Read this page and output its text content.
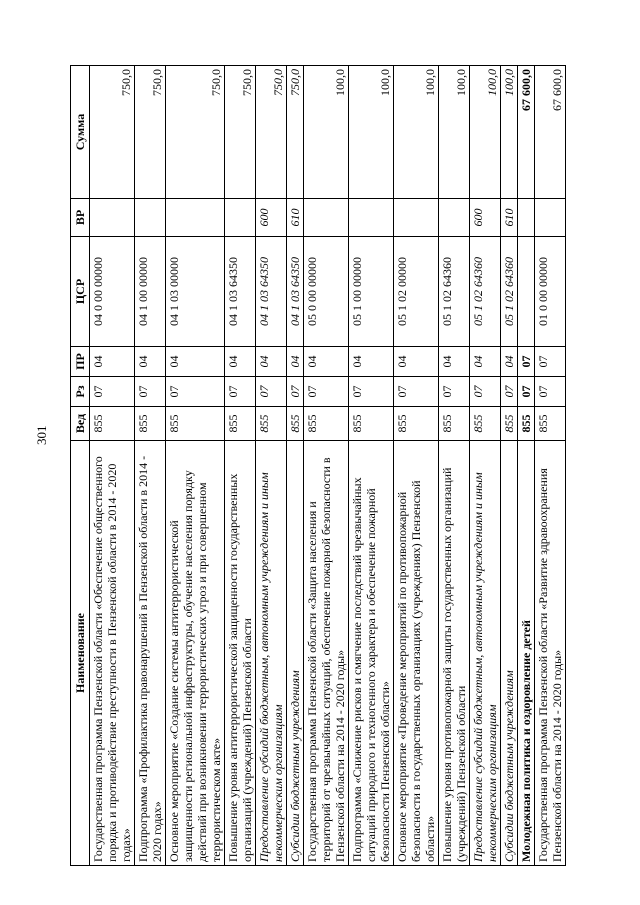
301
Наименование	Вед	Рз	ПР	ЦСР	ВР	Сумма
Государственная программа Пензенской области «Обеспечение общественного порядка и противодействие преступности в Пензенской области в 2014 - 2020 годах»	855	07	04	04 0 00 00000		750,0
Подпрограмма «Профилактика правонарушений в Пензенской области в 2014 - 2020 годах»	855	07	04	04 1 00 00000		750,0
Основное мероприятие «Создание системы антитеррористической защищенности региональной инфраструктуры, обучение населения порядку действий при возникновении террористических угроз и при совершенном террористическом акте»	855	07	04	04 1 03 00000		750,0
Повышение уровня антитеррористической защищенности государственных организаций (учреждений) Пензенской области	855	07	04	04 1 03 64350		750,0
Предоставление субсидий бюджетным, автономным учреждениям и иным некоммерческим организациям	855	07	04	04 1 03 64350	600	750,0
Субсидии бюджетным учреждениям	855	07	04	04 1 03 64350	610	750,0
Государственная программа Пензенской области «Защита населения и территорий от чрезвычайных ситуаций, обеспечение пожарной безопасности в Пензенской области на 2014 - 2020 годы»	855	07	04	05 0 00 00000		100,0
Подпрограмма «Снижение рисков и смягчение последствий чрезвычайных ситуаций природного и техногенного характера и обеспечение пожарной безопасности Пензенской области»	855	07	04	05 1 00 00000		100,0
Основное мероприятие «Проведение мероприятий по противопожарной безопасности в государственных организациях (учреждениях) Пензенской области»	855	07	04	05 1 02 00000		100,0
Повышение уровня противопожарной защиты государственных организаций (учреждений) Пензенской области	855	07	04	05 1 02 64360		100,0
Предоставление субсидий бюджетным, автономным учреждениям и иным некоммерческим организациям	855	07	04	05 1 02 64360	600	100,0
Субсидии бюджетным учреждениям	855	07	04	05 1 02 64360	610	100,0
Молодежная политика и оздоровление детей	855	07	07			67 600,0
Государственная программа Пензенской области «Развитие здравоохранения Пензенской области на 2014 - 2020 годы»	855	07	07	01 0 00 00000		67 600,0
